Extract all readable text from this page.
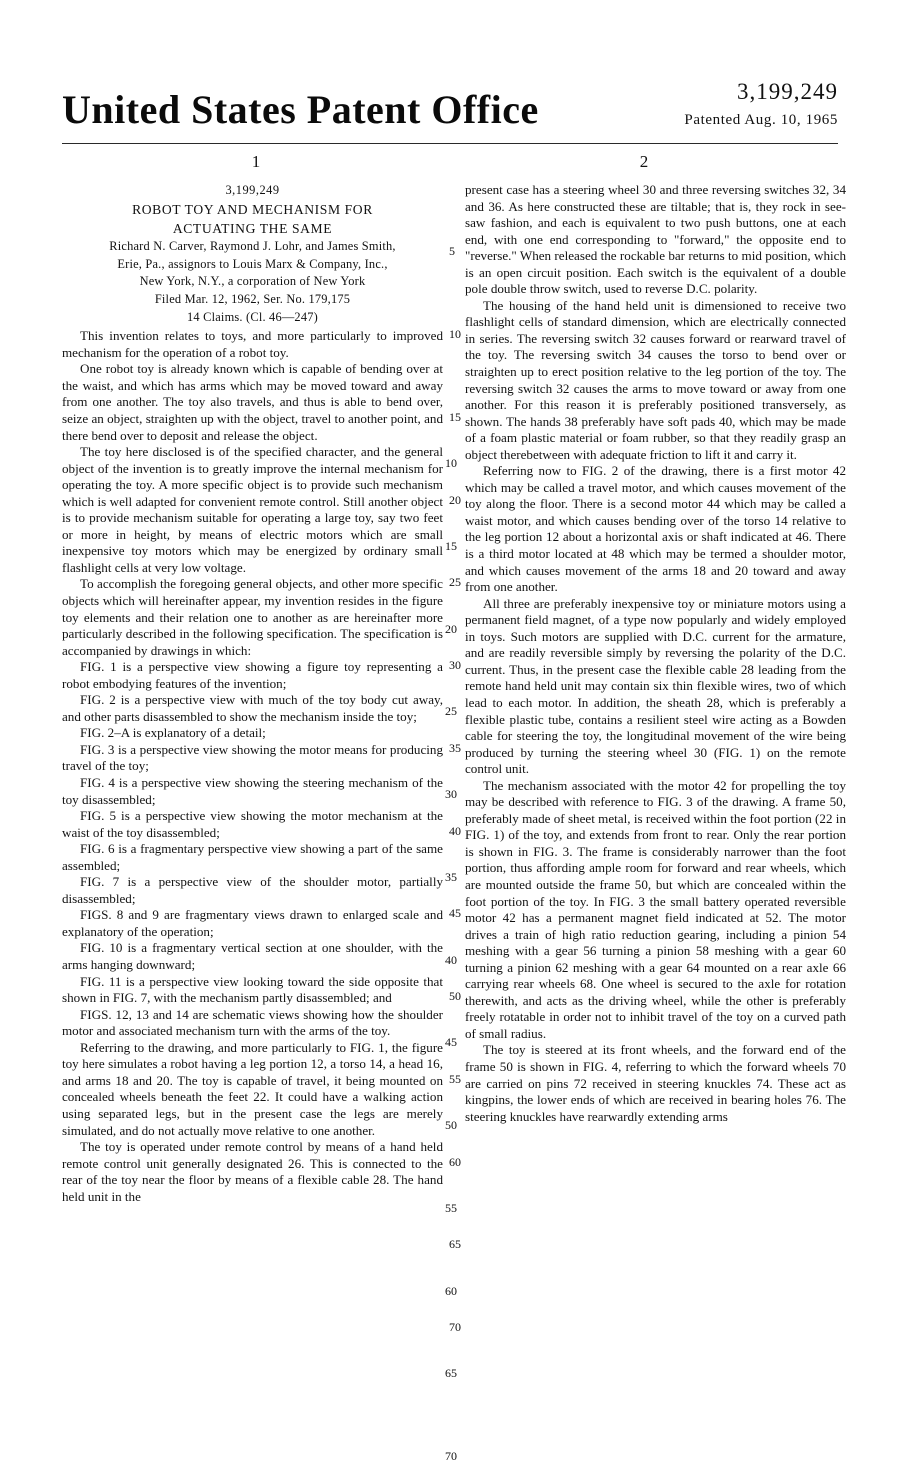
United States Patent Office	3,199,249
Patented Aug. 10, 1965
1	2
3,199,249
ROBOT TOY AND MECHANISM FOR
ACTUATING THE SAME
Richard N. Carver, Raymond J. Lohr, and James Smith,
Erie, Pa., assignors to Louis Marx & Company, Inc.,
New York, N.Y., a corporation of New York
Filed Mar. 12, 1962, Ser. No. 179,175
14 Claims. (Cl. 46—247)

This invention relates to toys, and more particularly to improved mechanism for the operation of a robot toy.

One robot toy is already known which is capable of bending over at the waist, and which has arms which may be moved toward and away from one another. The toy also travels, and thus is able to bend over, seize an object, straighten up with the object, travel to another point, and there bend over to deposit and release the object.

The toy here disclosed is of the specified character, and the general object of the invention is to greatly improve the internal mechanism for operating the toy. A more specific object is to provide such mechanism which is well adapted for convenient remote control. Still another object is to provide mechanism suitable for operating a large toy, say two feet or more in height, by means of electric motors which are small inexpensive toy motors which may be energized by ordinary small flashlight cells at very low voltage.

To accomplish the foregoing general objects, and other more specific objects which will hereinafter appear, my invention resides in the figure toy elements and their relation one to another as are hereinafter more particularly described in the following specification. The specification is accompanied by drawings in which:

FIG. 1 is a perspective view showing a figure toy representing a robot embodying features of the invention;

FIG. 2 is a perspective view with much of the toy body cut away, and other parts disassembled to show the mechanism inside the toy;

FIG. 2–A is explanatory of a detail;

FIG. 3 is a perspective view showing the motor means for producing travel of the toy;

FIG. 4 is a perspective view showing the steering mechanism of the toy disassembled;

FIG. 5 is a perspective view showing the motor mechanism at the waist of the toy disassembled;

FIG. 6 is a fragmentary perspective view showing a part of the same assembled;

FIG. 7 is a perspective view of the shoulder motor, partially disassembled;

FIGS. 8 and 9 are fragmentary views drawn to enlarged scale and explanatory of the operation;

FIG. 10 is a fragmentary vertical section at one shoulder, with the arms hanging downward;

FIG. 11 is a perspective view looking toward the side opposite that shown in FIG. 7, with the mechanism partly disassembled; and

FIGS. 12, 13 and 14 are schematic views showing how the shoulder motor and associated mechanism turn with the arms of the toy.

Referring to the drawing, and more particularly to FIG. 1, the figure toy here simulates a robot having a leg portion 12, a torso 14, a head 16, and arms 18 and 20. The toy is capable of travel, it being mounted on concealed wheels beneath the feet 22. It could have a walking action using separated legs, but in the present case the legs are merely simulated, and do not actually move relative to one another.

The toy is operated under remote control by means of a hand held remote control unit generally designated 26. This is connected to the rear of the toy near the floor by means of a flexible cable 28. The hand held unit in the

10
15
20
25
30
35
40
45
50
55
60
65
70

present case has a steering wheel 30 and three reversing switches 32, 34 and 36. As here constructed these are tiltable; that is, they rock in see-saw fashion, and each is equivalent to two push buttons, one at each end, with one end corresponding to "forward," the opposite end to "reverse." When released the rockable bar returns to mid position, which is an open circuit position. Each switch is the equivalent of a double pole double throw switch, used to reverse D.C. polarity.

The housing of the hand held unit is dimensioned to receive two flashlight cells of standard dimension, which are electrically connected in series. The reversing switch 32 causes forward or rearward travel of the toy. The reversing switch 34 causes the torso to bend over or straighten up to erect position relative to the leg portion of the toy. The reversing switch 32 causes the arms to move toward or away from one another. For this reason it is preferably positioned transversely, as shown. The hands 38 preferably have soft pads 40, which may be made of a foam plastic material or foam rubber, so that they readily grasp an object therebetween with adequate friction to lift it and carry it.

Referring now to FIG. 2 of the drawing, there is a first motor 42 which may be called a travel motor, and which causes movement of the toy along the floor. There is a second motor 44 which may be called a waist motor, and which causes bending over of the torso 14 relative to the leg portion 12 about a horizontal axis or shaft indicated at 46. There is a third motor located at 48 which may be termed a shoulder motor, and which causes movement of the arms 18 and 20 toward and away from one another.

All three are preferably inexpensive toy or miniature motors using a permanent field magnet, of a type now popularly and widely employed in toys. Such motors are supplied with D.C. current for the armature, and are readily reversible simply by reversing the polarity of the D.C. current. Thus, in the present case the flexible cable 28 leading from the remote hand held unit may contain six thin flexible wires, two of which lead to each motor. In addition, the sheath 28, which is preferably a flexible plastic tube, contains a resilient steel wire acting as a Bowden cable for steering the toy, the longitudinal movement of the wire being produced by turning the steering wheel 30 (FIG. 1) on the remote control unit.

The mechanism associated with the motor 42 for propelling the toy may be described with reference to FIG. 3 of the drawing. A frame 50, preferably made of sheet metal, is received within the foot portion (22 in FIG. 1) of the toy, and extends from front to rear. Only the rear portion is shown in FIG. 3. The frame is considerably narrower than the foot portion, thus affording ample room for forward and rear wheels, which are mounted outside the frame 50, but which are concealed within the foot portion of the toy. In FIG. 3 the small battery operated reversible motor 42 has a permanent magnet field indicated at 52. The motor drives a train of high ratio reduction gearing, including a pinion 54 meshing with a gear 56 turning a pinion 58 meshing with a gear 60 turning a pinion 62 meshing with a gear 64 mounted on a rear axle 66 carrying rear wheels 68. One wheel is secured to the axle for rotation therewith, and acts as the driving wheel, while the other is preferably freely rotatable in order not to inhibit travel of the toy on a curved path of small radius.

The toy is steered at its front wheels, and the forward end of the frame 50 is shown in FIG. 4, referring to which the forward wheels 70 are carried on pins 72 received in steering knuckles 74. These act as kingpins, the lower ends of which are received in bearing holes 76. The steering knuckles have rearwardly extending arms

5
10
15
20
25
30
35
40
45
50
55
60
65
70
